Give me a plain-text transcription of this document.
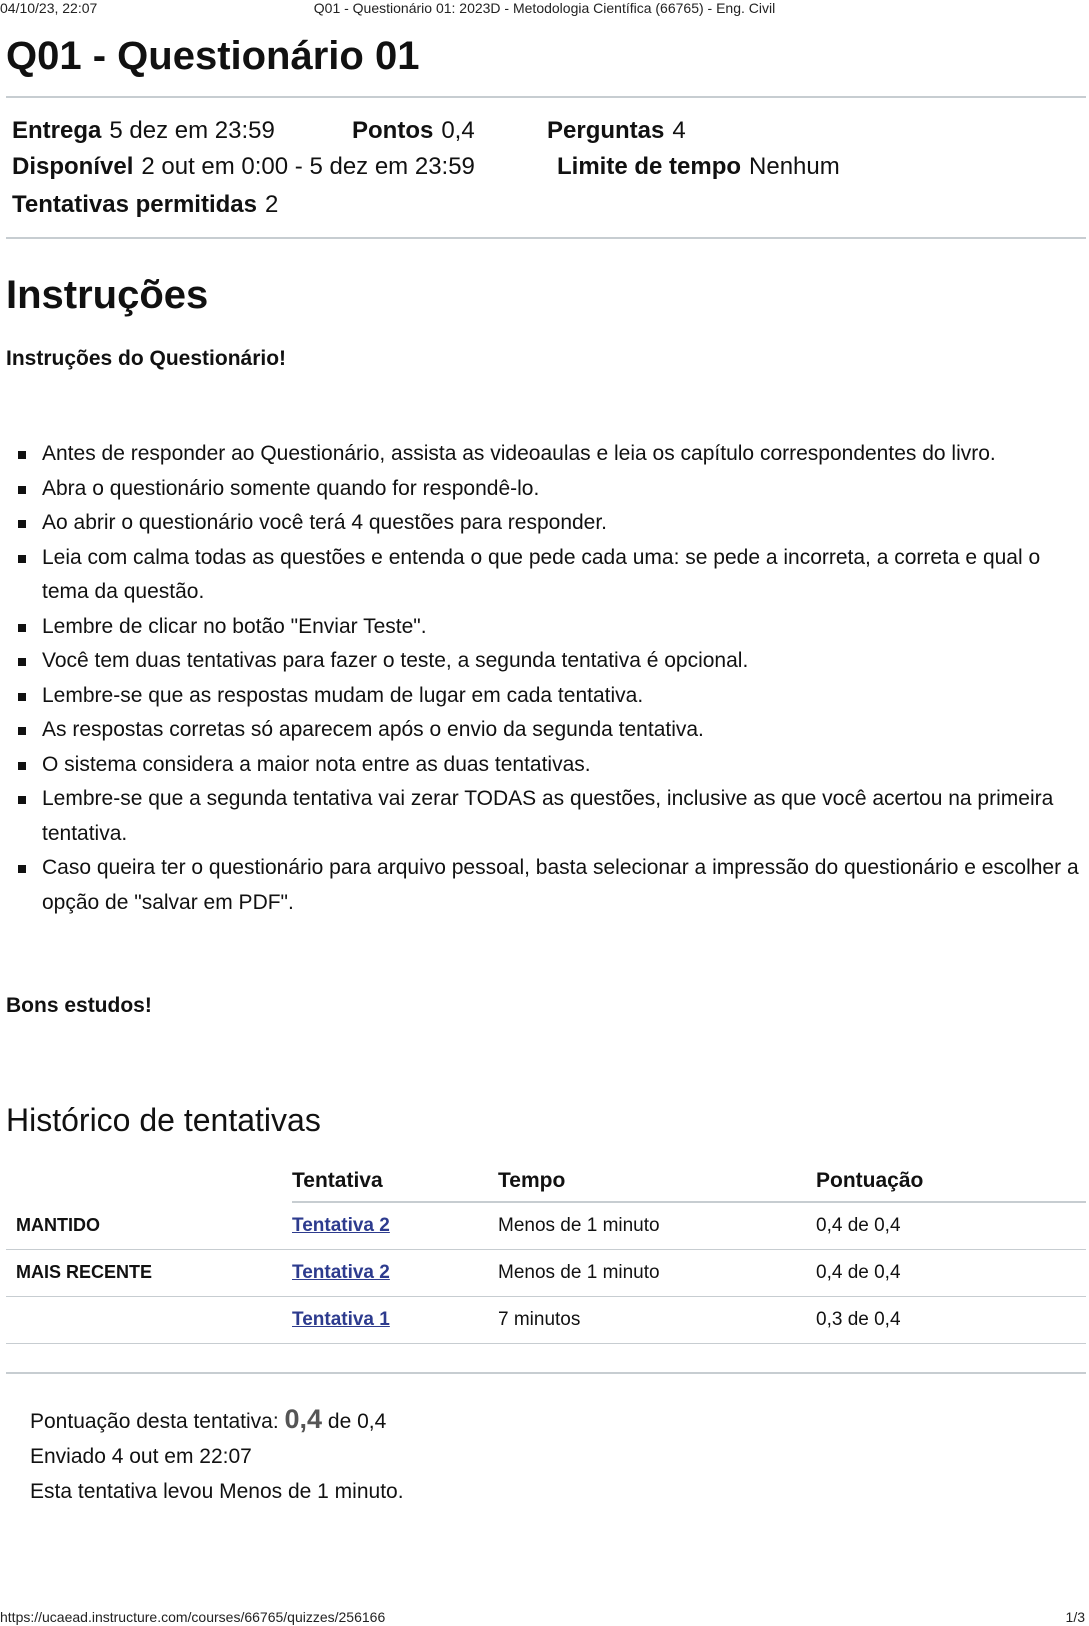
04/10/23, 22:07	Q01 - Questionário 01: 2023D - Metodologia Científica (66765) - Eng. Civil
Q01 - Questionário 01
Entrega 5 dez em 23:59	Pontos 0,4	Perguntas 4
Disponível 2 out em 0:00 - 5 dez em 23:59	Limite de tempo Nenhum
Tentativas permitidas 2
Instruções

Instruções do Questionário!

Antes de responder ao Questionário, assista as videoaulas e leia os capítulo correspondentes do livro.
Abra o questionário somente quando for respondê-lo.
Ao abrir o questionário você terá 4 questões para responder.
Leia com calma todas as questões e entenda o que pede cada uma: se pede a incorreta, a correta e qual o tema da questão.
Lembre de clicar no botão "Enviar Teste".
Você tem duas tentativas para fazer o teste, a segunda tentativa é opcional.
Lembre-se que as respostas mudam de lugar em cada tentativa.
As respostas corretas só aparecem após o envio da segunda tentativa.
O sistema considera a maior nota entre as duas tentativas.
Lembre-se que a segunda tentativa vai zerar TODAS as questões, inclusive as que você acertou na primeira tentativa.
Caso queira ter o questionário para arquivo pessoal, basta selecionar a impressão do questionário e escolher a opção de "salvar em PDF".

Bons estudos!

Histórico de tentativas
	Tentativa	Tempo	Pontuação
MANTIDO	Tentativa 2	Menos de 1 minuto	0,4 de 0,4
MAIS RECENTE	Tentativa 2	Menos de 1 minuto	0,4 de 0,4
	Tentativa 1	7 minutos	0,3 de 0,4
Pontuação desta tentativa: 0,4 de 0,4
Enviado 4 out em 22:07
Esta tentativa levou Menos de 1 minuto.
https://ucaead.instructure.com/courses/66765/quizzes/256166	1/3
